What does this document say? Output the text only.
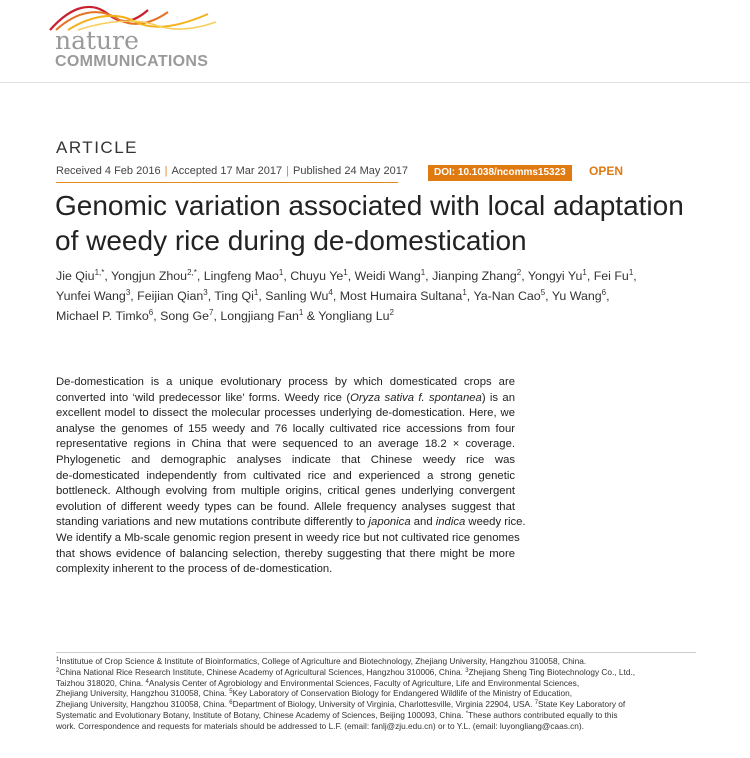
nature
COMMUNICATIONS
ARTICLE
Received 4 Feb 2016 | Accepted 17 Mar 2017 | Published 24 May 2017	DOI: 10.1038/ncomms15323	OPEN
Genomic variation associated with local adaptation
of weedy rice during de-domestication
Jie Qiu$^{1,*}$, Yongjun Zhou$^{2,*}$, Lingfeng Mao$^1$, Chuyu Ye$^1$, Weidi Wang$^1$, Jianping Zhang$^2$, Yongyi Yu$^1$, Fei Fu$^1$, Yunfei Wang$^3$, Feijian Qian$^3$, Ting Qi$^1$, Sanling Wu$^4$, Most Humaira Sultana$^1$, Ya-Nan Cao$^5$, Yu Wang$^6$, Michael P. Timko$^6$, Song Ge$^7$, Longjiang Fan$^1$ & Yongliang Lu$^2$
De-domestication is a unique evolutionary process by which domesticated crops are
converted into ‘wild predecessor like’ forms. Weedy rice (Oryza sativa f. spontanea) is an
excellent model to dissect the molecular processes underlying de-domestication. Here, we
analyse the genomes of 155 weedy and 76 locally cultivated rice accessions from four
representative regions in China that were sequenced to an average 18.2 × coverage.
Phylogenetic and demographic analyses indicate that Chinese weedy rice was
de-domesticated independently from cultivated rice and experienced a strong genetic
bottleneck. Although evolving from multiple origins, critical genes underlying convergent
evolution of different weedy types can be found. Allele frequency analyses suggest that
standing variations and new mutations contribute differently to japonica and indica weedy rice.
We identify a Mb-scale genomic region present in weedy rice but not cultivated rice genomes
that shows evidence of balancing selection, thereby suggesting that there might be more
complexity inherent to the process of de-domestication.
$^1$Institutue of Crop Science & Institute of Bioinformatics, College of Agriculture and Biotechnology, Zhejiang University, Hangzhou 310058, China.
$^2$China National Rice Research Institute, Chinese Academy of Agricultural Sciences, Hangzhou 310006, China. $^3$Zhejiang Sheng Ting Biotechnology Co., Ltd.,
Taizhou 318020, China. $^4$Analysis Center of Agrobiology and Environmental Sciences, Faculty of Agriculture, Life and Environmental Sciences,
Zhejiang University, Hangzhou 310058, China. $^5$Key Laboratory of Conservation Biology for Endangered Wildlife of the Ministry of Education,
Zhejiang University, Hangzhou 310058, China. $^6$Department of Biology, University of Virginia, Charlottesville, Virginia 22904, USA. $^7$State Key Laboratory of
Systematic and Evolutionary Botany, Institute of Botany, Chinese Academy of Sciences, Beijing 100093, China. *These authors contributed equally to this
work. Correspondence and requests for materials should be addressed to L.F. (email: fanlj@zju.edu.cn) or to Y.L. (email: luyongliang@caas.cn).
